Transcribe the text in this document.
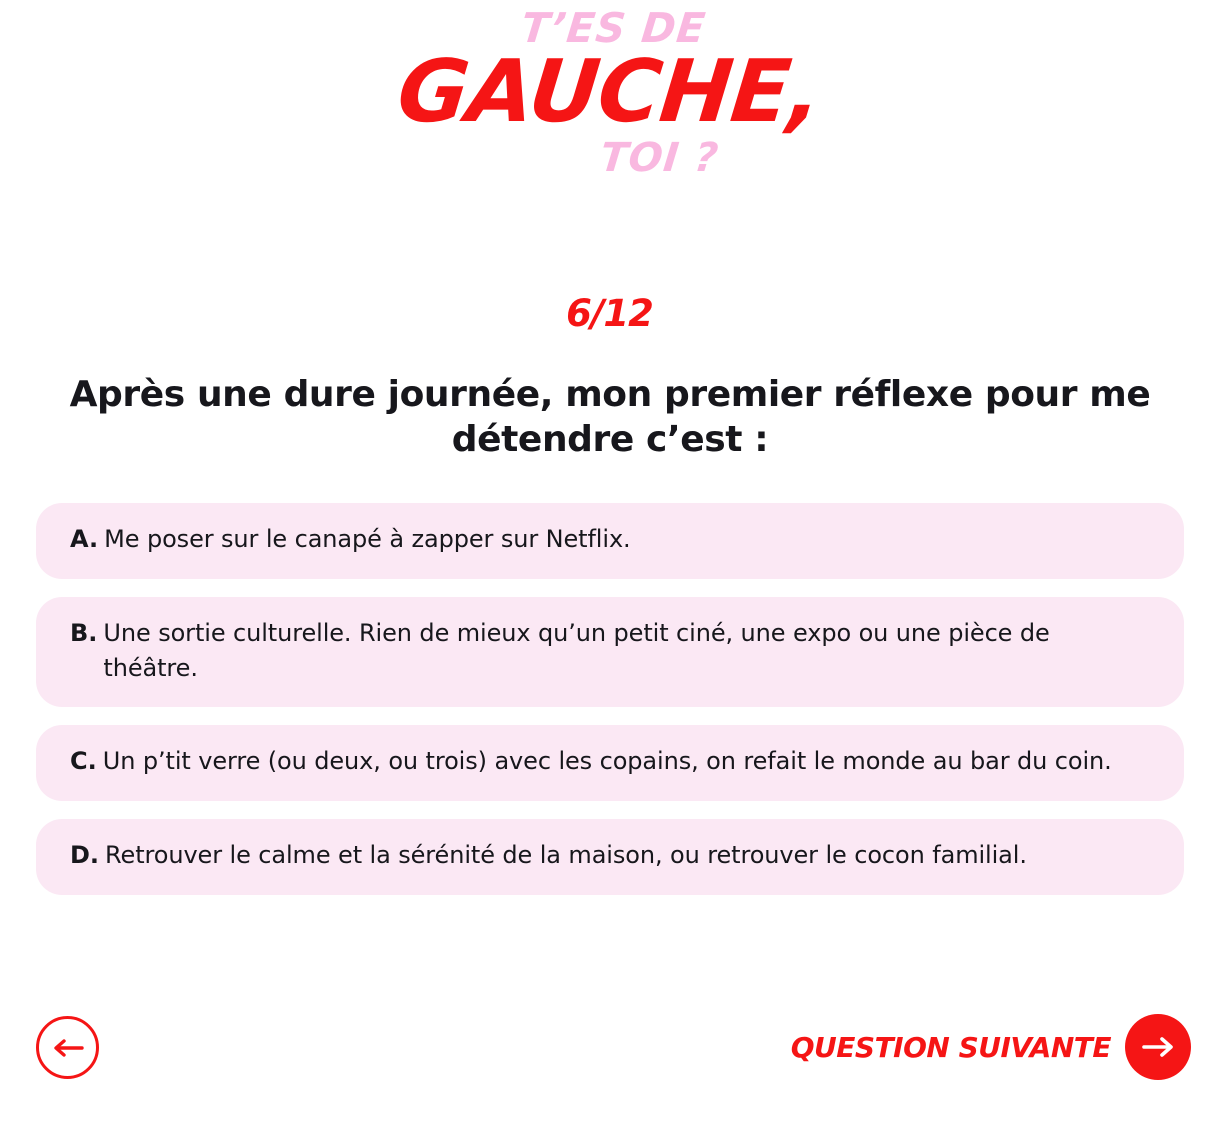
T’ES DE
GAUCHE,
TOI ?
6/12
Après une dure journée, mon premier réflexe pour me détendre c’est :
A. Me poser sur le canapé à zapper sur Netflix.
B. Une sortie culturelle. Rien de mieux qu’un petit ciné, une expo ou une pièce de théâtre.
C. Un p’tit verre (ou deux, ou trois) avec les copains, on refait le monde au bar du coin.
D. Retrouver le calme et la sérénité de la maison, ou retrouver le cocon familial.
QUESTION SUIVANTE
